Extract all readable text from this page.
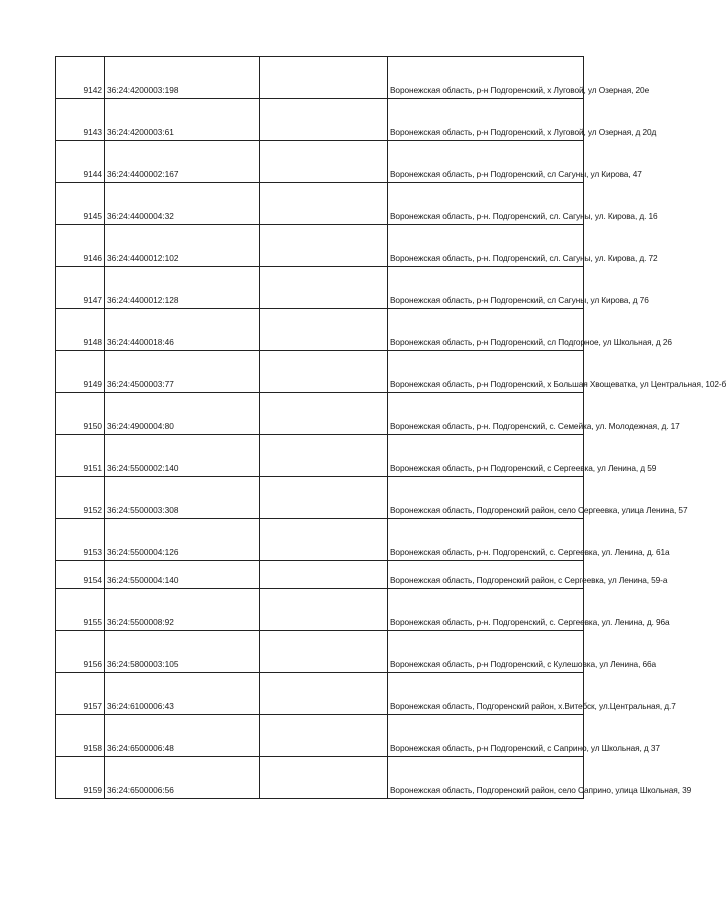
9142	36:24:4200003:198		Воронежская область, р-н Подгоренский, х Луговой, ул Озерная, 20е
9143	36:24:4200003:61		Воронежская область, р-н Подгоренский, х Луговой, ул Озерная, д 20д
9144	36:24:4400002:167		Воронежская область, р-н Подгоренский, сл Сагуны, ул Кирова, 47
9145	36:24:4400004:32		Воронежская область, р-н. Подгоренский, сл. Сагуны, ул. Кирова, д. 16
9146	36:24:4400012:102		Воронежская область, р-н. Подгоренский, сл. Сагуны, ул. Кирова, д. 72
9147	36:24:4400012:128		Воронежская область, р-н Подгоренский, сл Сагуны, ул Кирова, д 76
9148	36:24:4400018:46		Воронежская область, р-н Подгоренский, сл Подгорное, ул Школьная, д 26
9149	36:24:4500003:77		Воронежская область, р-н Подгоренский, х Большая Хвощеватка, ул Центральная, 102-б
9150	36:24:4900004:80		Воронежская область, р-н. Подгоренский, с. Семейка, ул. Молодежная, д. 17
9151	36:24:5500002:140		Воронежская область, р-н Подгоренский, с Сергеевка, ул Ленина, д 59
9152	36:24:5500003:308		Воронежская область, Подгоренский район, село Сергеевка, улица Ленина, 57
9153	36:24:5500004:126		Воронежская область, р-н. Подгоренский, с. Сергеевка, ул. Ленина, д. 61а
9154	36:24:5500004:140		Воронежская область, Подгоренский район, с Сергеевка, ул Ленина, 59-а
9155	36:24:5500008:92		Воронежская область, р-н. Подгоренский, с. Сергеевка, ул. Ленина, д. 96а
9156	36:24:5800003:105		Воронежская область, р-н Подгоренский, с Кулешовка, ул Ленина, 66а
9157	36:24:6100006:43		Воронежская область, Подгоренский район, х.Витебск, ул.Центральная, д.7
9158	36:24:6500006:48		Воронежская область, р-н Подгоренский, с Саприно, ул Школьная, д 37
9159	36:24:6500006:56		Воронежская область, Подгоренский район, село Саприно, улица Школьная, 39
